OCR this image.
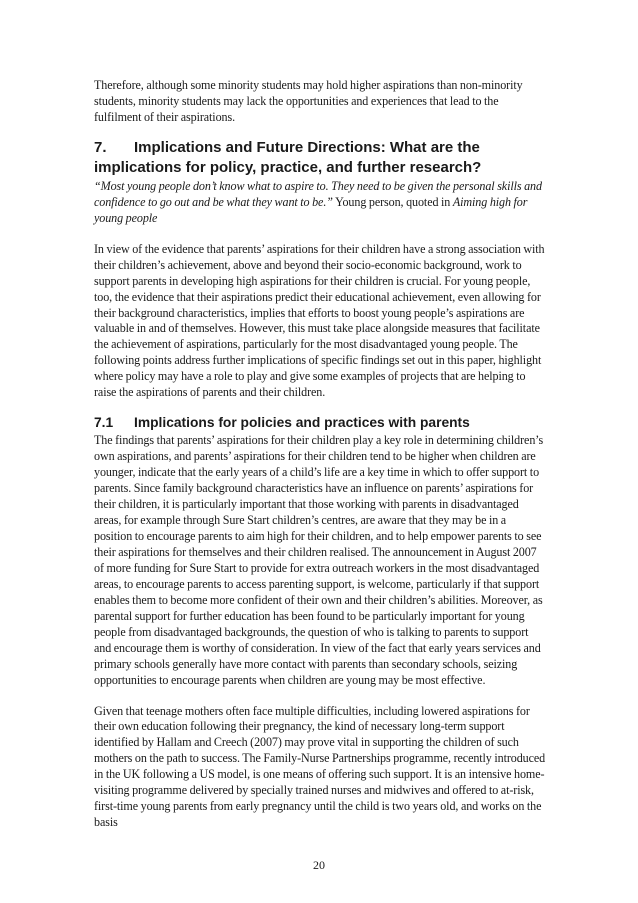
Therefore, although some minority students may hold higher aspirations than non-minority students, minority students may lack the opportunities and experiences that lead to the fulfilment of their aspirations.

7. Implications and Future Directions: What are the implications for policy, practice, and further research?

“Most young people don’t know what to aspire to. They need to be given the personal skills and confidence to go out and be what they want to be.” Young person, quoted in Aiming high for young people

In view of the evidence that parents’ aspirations for their children have a strong association with their children’s achievement, above and beyond their socio-economic background, work to support parents in developing high aspirations for their children is crucial. For young people, too, the evidence that their aspirations predict their educational achievement, even allowing for their background characteristics, implies that efforts to boost young people’s aspirations are valuable in and of themselves. However, this must take place alongside measures that facilitate the achievement of aspirations, particularly for the most disadvantaged young people. The following points address further implications of specific findings set out in this paper, highlight where policy may have a role to play and give some examples of projects that are helping to raise the aspirations of parents and their children.

7.1 Implications for policies and practices with parents

The findings that parents’ aspirations for their children play a key role in determining children’s own aspirations, and parents’ aspirations for their children tend to be higher when children are younger, indicate that the early years of a child’s life are a key time in which to offer support to parents. Since family background characteristics have an influence on parents’ aspirations for their children, it is particularly important that those working with parents in disadvantaged areas, for example through Sure Start children’s centres, are aware that they may be in a position to encourage parents to aim high for their children, and to help empower parents to see their aspirations for themselves and their children realised. The announcement in August 2007 of more funding for Sure Start to provide for extra outreach workers in the most disadvantaged areas, to encourage parents to access parenting support, is welcome, particularly if that support enables them to become more confident of their own and their children’s abilities. Moreover, as parental support for further education has been found to be particularly important for young people from disadvantaged backgrounds, the question of who is talking to parents to support and encourage them is worthy of consideration. In view of the fact that early years services and primary schools generally have more contact with parents than secondary schools, seizing opportunities to encourage parents when children are young may be most effective.

Given that teenage mothers often face multiple difficulties, including lowered aspirations for their own education following their pregnancy, the kind of necessary long-term support identified by Hallam and Creech (2007) may prove vital in supporting the children of such mothers on the path to success. The Family-Nurse Partnerships programme, recently introduced in the UK following a US model, is one means of offering such support. It is an intensive home-visiting programme delivered by specially trained nurses and midwives and offered to at-risk, first-time young parents from early pregnancy until the child is two years old, and works on the basis

20
